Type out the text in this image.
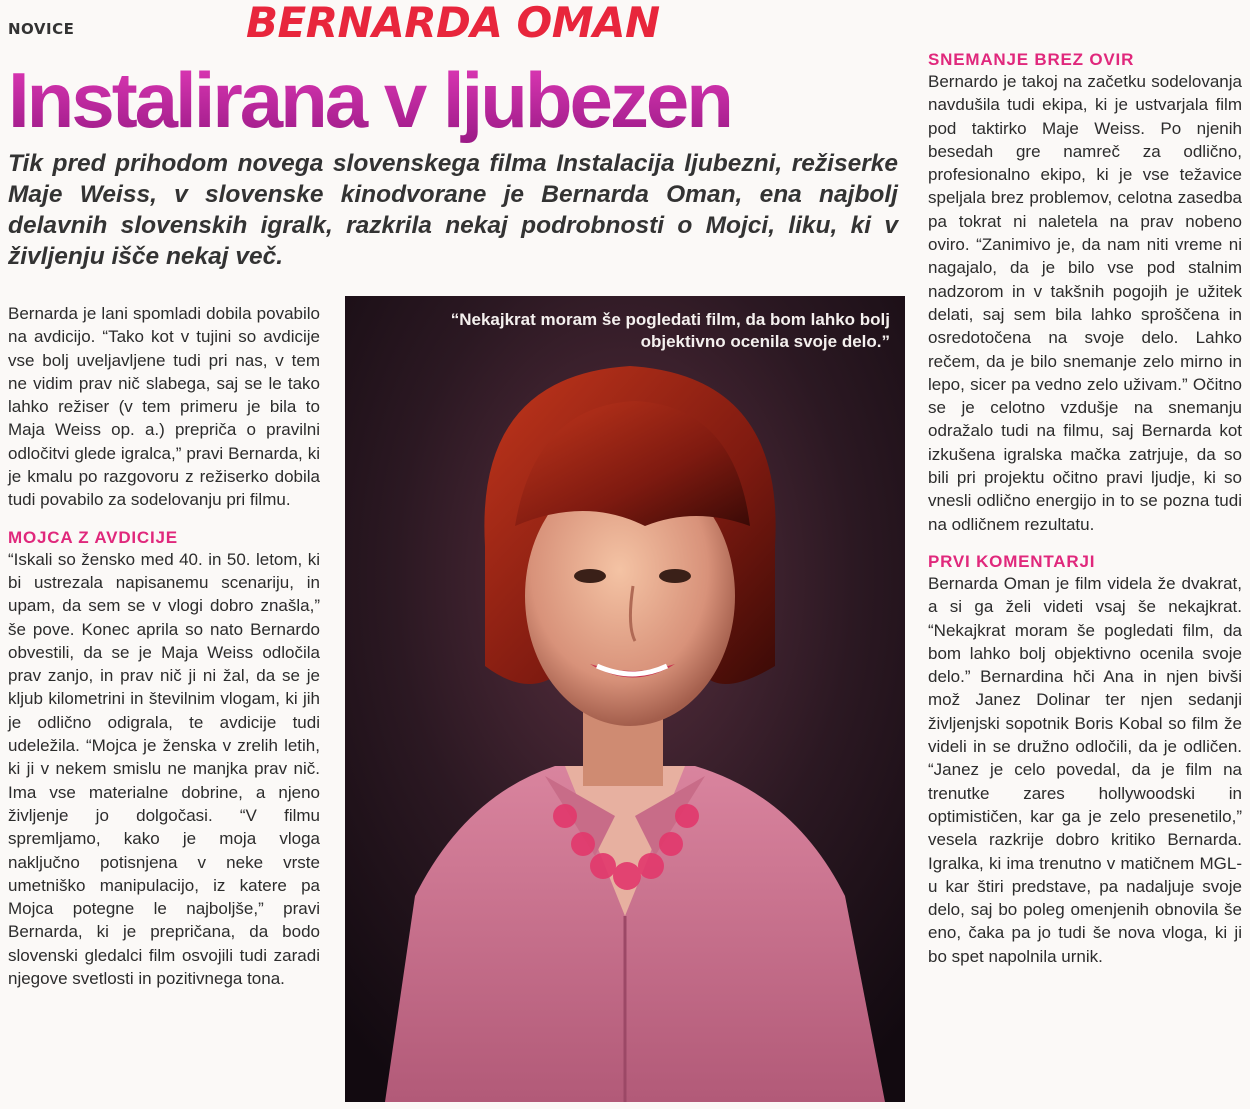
NOVICE	BERNARDA OMAN
Instalirana v ljubezen
Tik pred prihodom novega slovenskega filma Instalacija ljubezni, režiserke Maje Weiss, v slovenske kinodvorane je Bernarda Oman, ena najbolj delavnih slovenskih igralk, razkrila nekaj podrobnosti o Mojci, liku, ki v življenju išče nekaj več.

Bernarda je lani spomladi dobila povabilo na avdicijo. “Tako kot v tujini so avdicije vse bolj uveljavljene tudi pri nas, v tem ne vidim prav nič slabega, saj se le tako lahko režiser (v tem primeru je bila to Maja Weiss op. a.) prepriča o pravilni odločitvi glede igralca,” pravi Bernarda, ki je kmalu po razgovoru z režiserko dobila tudi povabilo za sodelovanju pri filmu.

MOJCA Z AVDICIJE

“Iskali so žensko med 40. in 50. letom, ki bi ustrezala napisanemu scenariju, in upam, da sem se v vlogi dobro znašla,” še pove. Konec aprila so nato Bernardo obvestili, da se je Maja Weiss odločila prav zanjo, in prav nič ji ni žal, da se je kljub kilometrini in številnim vlogam, ki jih je odlično odigrala, te avdicije tudi udeležila. “Mojca je ženska v zrelih letih, ki ji v nekem smislu ne manjka prav nič. Ima vse materialne dobrine, a njeno življenje jo dolgočasi. “V filmu spremljamo, kako je moja vloga naključno potisnjena v neke vrste umetniško manipulacijo, iz katere pa Mojca potegne le najboljše,” pravi Bernarda, ki je prepričana, da bodo slovenski gledalci film osvojili tudi zaradi njegove svetlosti in pozitivnega tona.

“Nekajkrat moram še pogledati film, da bom lahko bolj objektivno ocenila svoje delo.”

SNEMANJE BREZ OVIR

Bernardo je takoj na začetku sodelovanja navdušila tudi ekipa, ki je ustvarjala film pod taktirko Maje Weiss. Po njenih besedah gre namreč za odlično, profesionalno ekipo, ki je vse težavice speljala brez problemov, celotna zasedba pa tokrat ni naletela na prav nobeno oviro. “Zanimivo je, da nam niti vreme ni nagajalo, da je bilo vse pod stalnim nadzorom in v takšnih pogojih je užitek delati, saj sem bila lahko sproščena in osredotočena na svoje delo. Lahko rečem, da je bilo snemanje zelo mirno in lepo, sicer pa vedno zelo uživam.” Očitno se je celotno vzdušje na snemanju odražalo tudi na filmu, saj Bernarda kot izkušena igralska mačka zatrjuje, da so bili pri projektu očitno pravi ljudje, ki so vnesli odlično energijo in to se pozna tudi na odličnem rezultatu.

PRVI KOMENTARJI

Bernarda Oman je film videla že dvakrat, a si ga želi videti vsaj še nekajkrat. “Nekajkrat moram še pogledati film, da bom lahko bolj objektivno ocenila svoje delo.” Bernardina hči Ana in njen bivši mož Janez Dolinar ter njen sedanji življenjski sopotnik Boris Kobal so film že videli in se družno odločili, da je odličen. “Janez je celo povedal, da je film na trenutke zares hollywoodski in optimističen, kar ga je zelo presenetilo,” vesela razkrije dobro kritiko Bernarda. Igralka, ki ima trenutno v matičnem MGL-u kar štiri predstave, pa nadaljuje svoje delo, saj bo poleg omenjenih obnovila še eno, čaka pa jo tudi še nova vloga, ki ji bo spet napolnila urnik.
